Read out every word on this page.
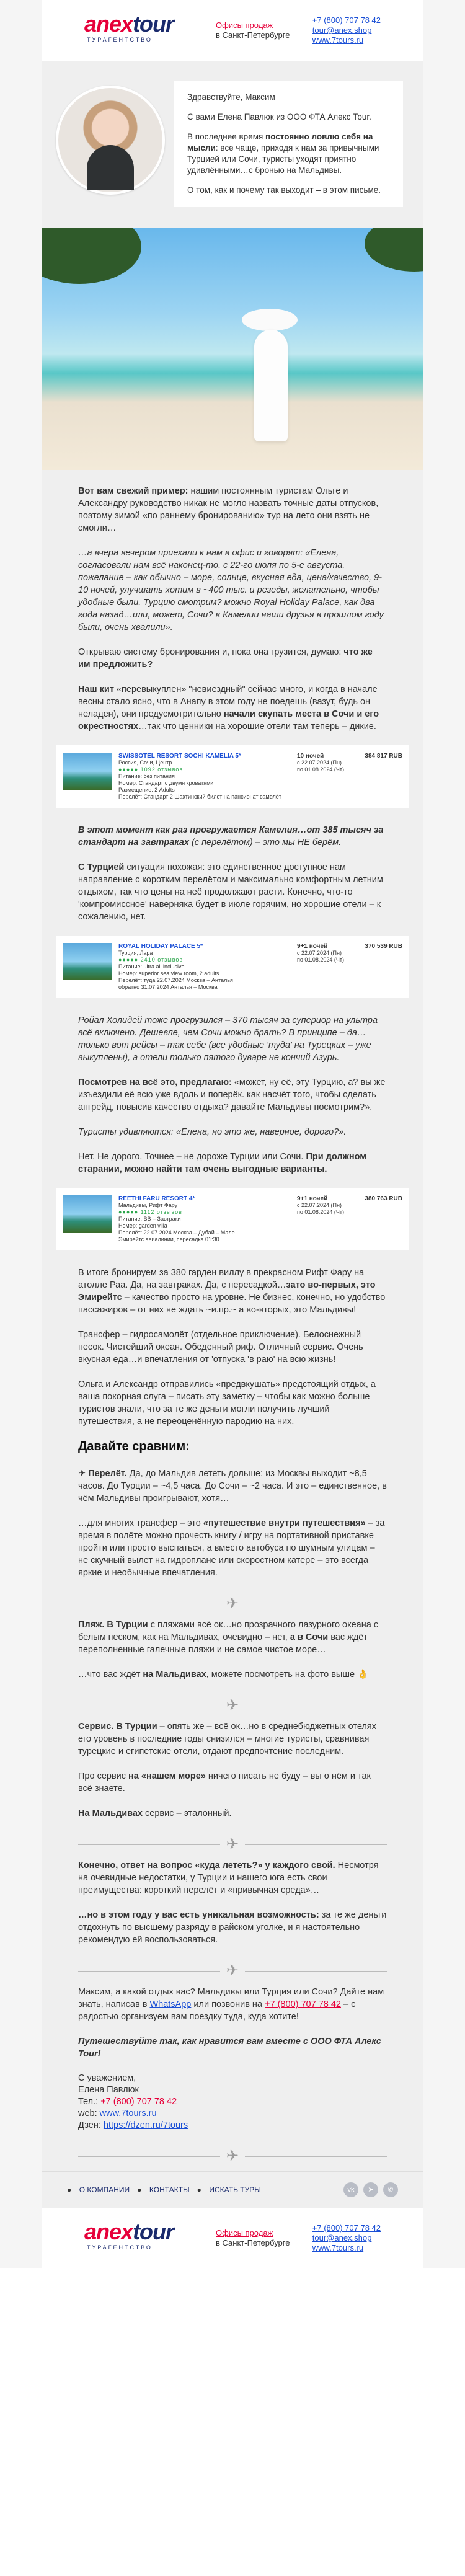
anextour
ТУРАГЕНТСТВО
Офисы продаж
в Санкт-Петербурге
+7 (800) 707 78 42
tour@anex.shop
www.7tours.ru

Здравствуйте, Максим

С вами Елена Павлюк из ООО ФТА Алекс Тоur.

В последнее время постоянно ловлю себя на мысли: все чаще, приходя к нам за привычными Турцией или Сочи, туристы уходят приятно удивлёнными…с бронью на Мальдивы.

О том, как и почему так выходит – в этом письме.

Вот вам свежий пример: нашим постоянным туристам Ольге и Александру руководство никак не могло назвать точные даты отпусков, поэтому зимой «по раннему бронированию» тур на лето они взять не смогли…

…а вчера вечером приехали к нам в офис и говорят: «Елена, согласовали нам всё наконец-то, с 22-го июля по 5-е августа. пожелание – как обычно – море, солнце, вкусная еда, цена/качество, 9-10 ночей, улучшать хотим в ~400 тыс. и резеды, желательно, чтобы удобные были. Турцию смотрим? можно Royal Holiday Palace, как два года назад…или, может, Сочи? в Камелии наши друзья в прошлом году были, очень хвалили».

Открываю систему бронирования и, пока она грузится, думаю: что же им предложить?

Наш кит «перевыкуплен» "невиездный" сейчас много, и когда в начале весны стало ясно, что в Анапу в этом году не поедешь (вазут, будь он неладен), они предусмотрительно начали скупать места в Сочи и его окрестностях…так что ценники на хорошие отели там теперь – дикие.

SWISSOTEL RESORT SOCHI KAMELIA 5*
Россия, Сочи, Центр
●●●●● 1092 отзывов
Питание: без питания
Номер: Стандарт с двумя кроватями
Размещение: 2 Adults
Перелёт: Стандарт 2 Шахтинский билет на пансионат самолёт
10 ночей
с 22.07.2024 (Пн) по 01.08.2024 (Чт)
384 817 RUB

В этот момент как раз прогружается Камелия…от 385 тысяч за стандарт на завтраках (с перелётом) – это мы НЕ берём.

С Турцией ситуация похожая: это единственное доступное нам направление с коротким перелётом и максимально комфортным летним отдыхом, так что цены на неё продолжают расти. Конечно, что-то 'компромиссное' наверняка будет в июле горячим, но хорошие отели – к сожалению, нет.

ROYAL HOLIDAY PALACE 5*
Турция, Лара
●●●●● 2410 отзывов
Питание: ultra all inclusive
Номер: superior sea view room, 2 adults
Перелёт: туда 22.07.2024 Москва – Анталья
обратно 31.07.2024 Анталья – Москва
9+1 ночей
с 22.07.2024 (Пн) по 01.08.2024 (Чт)
370 539 RUB

Ройал Холидей тоже прогрузился – 370 тысяч за супериор на ультра всё включено. Дешевле, чем Сочи можно брать? В принципе – да… только вот рейсы – так себе (все удобные 'туда' на Турецких – уже выкуплены), а отели только пятого дуваре не кончий Азурь.

Посмотрев на всё это, предлагаю: «может, ну её, эту Турцию, а? вы же изъездили её всю уже вдоль и поперёк. как насчёт того, чтобы сделать апгрейд, повысив качество отдыха? давайте Мальдивы посмотрим?».

Туристы удивляются: «Елена, но это же, наверное, дорого?».

Нет. Не дорого. Точнее – не дороже Турции или Сочи. При должном старании, можно найти там очень выгодные варианты.

REETHI FARU RESORT 4*
Мальдивы, Рифт Фару
●●●●● 1112 отзывов
Питание: BB – Завтраки
Номер: garden villa
Перелёт: 22.07.2024 Москва – Дубай – Мале
Эмирейтс авиалинии, пересадка 01:30
9+1 ночей
с 22.07.2024 (Пн) по 01.08.2024 (Чт)
380 763 RUB

В итоге бронируем за 380 гарден виллу в прекрасном Рифт Фару на атолле Раа. Да, на завтраках. Да, с пересадкой…зато во-первых, это Эмирейтс – качество просто на уровне. Не бизнес, конечно, но удобство пассажиров – от них не ждать ~и.пр.~ а во-вторых, это Мальдивы!

Трансфер – гидросамолёт (отдельное приключение). Белоснежный песок. Чистейший океан. Обеденный риф. Отличный сервис. Очень вкусная еда…и впечатления от 'отпуска 'в раю' на всю жизнь!

Ольга и Александр отправились «предвкушать» предстоящий отдых, а ваша покорная слуга – писать эту заметку – чтобы как можно больше туристов знали, что за те же деньги могли получить лучший путешествия, а не переоценённую пародию на них.

Давайте сравним:

✈ Перелёт. Да, до Мальдив лететь дольше: из Москвы выходит ~8,5 часов. До Турции – ~4,5 часа. До Сочи – ~2 часа. И это – единственное, в чём Мальдивы проигрывают, хотя…

…для многих трансфер – это «путешествие внутри путешествия» – за время в полёте можно прочесть книгу / игру на портативной приставке пройти или просто выспаться, а вместо автобуса по шумным улицам – не скучный вылет на гидроплане или скоростном катере – это всегда яркие и необычные впечатления.

✈

Пляж. В Турции с пляжами всё ок…но прозрачного лазурного океана с белым песком, как на Мальдивах, очевидно – нет, а в Сочи вас ждёт переполненные галечные пляжи и не самое чистое море…

…что вас ждёт на Мальдивах, можете посмотреть на фото выше 👌

✈

Сервис. В Турции – опять же – всё ок…но в среднебюджетных отелях его уровень в последние годы снизился – многие туристы, сравнивая турецкие и египетские отели, отдают предпочтение последним.

Про сервис на «нашем море» ничего писать не буду – вы о нём и так всё знаете.

На Мальдивах сервис – эталонный.

✈

Конечно, ответ на вопрос «куда лететь?» у каждого свой. Несмотря на очевидные недостатки, у Турции и нашего юга есть свои преимущества: короткий перелёт и «привычная среда»…

…но в этом году у вас есть уникальная возможность: за те же деньги отдохнуть по высшему разряду в райском уголке, и я настоятельно рекомендую ей воспользоваться.

✈

Максим, а какой отдых вас? Мальдивы или Турция или Сочи? Дайте нам знать, написав в WhatsApp или позвонив на +7 (800) 707 78 42 – с радостью организуем вам поездку туда, куда хотите!

Путешествуйте так, как нравится вам вместе с ООО ФТА Алекс Тоur!

С уважением,
Елена Павлюк
Тел.: +7 (800) 707 78 42
web: www.7tours.ru
Дзен: https://dzen.ru/7tours

✈
● О КОМПАНИИ ● КОНТАКТЫ ● ИСКАТЬ ТУРЫ	vk	➤	✆
anextour
ТУРАГЕНТСТВО
Офисы продаж
в Санкт-Петербурге
+7 (800) 707 78 42
tour@anex.shop
www.7tours.ru
